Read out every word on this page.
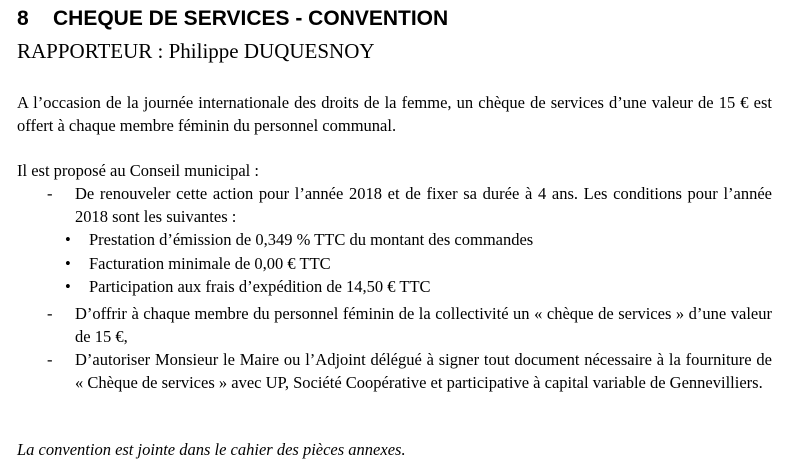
8 CHEQUE DE SERVICES - CONVENTION
RAPPORTEUR : Philippe DUQUESNOY
A l’occasion de la journée internationale des droits de la femme, un chèque de services d’une valeur de 15 € est offert à chaque membre féminin du personnel communal.
Il est proposé au Conseil municipal :
- De renouveler cette action pour l’année 2018 et de fixer sa durée à 4 ans. Les conditions pour l’année 2018 sont les suivantes :
• Prestation d’émission de 0,349 % TTC du montant des commandes
• Facturation minimale de 0,00 € TTC
• Participation aux frais d’expédition de 14,50 € TTC
- D’offrir à chaque membre du personnel féminin de la collectivité un « chèque de services » d’une valeur de 15 €,
- D’autoriser Monsieur le Maire ou l’Adjoint délégué à signer tout document nécessaire à la fourniture de « Chèque de services » avec UP, Société Coopérative et participative à capital variable de Gennevilliers.
La convention est jointe dans le cahier des pièces annexes.
